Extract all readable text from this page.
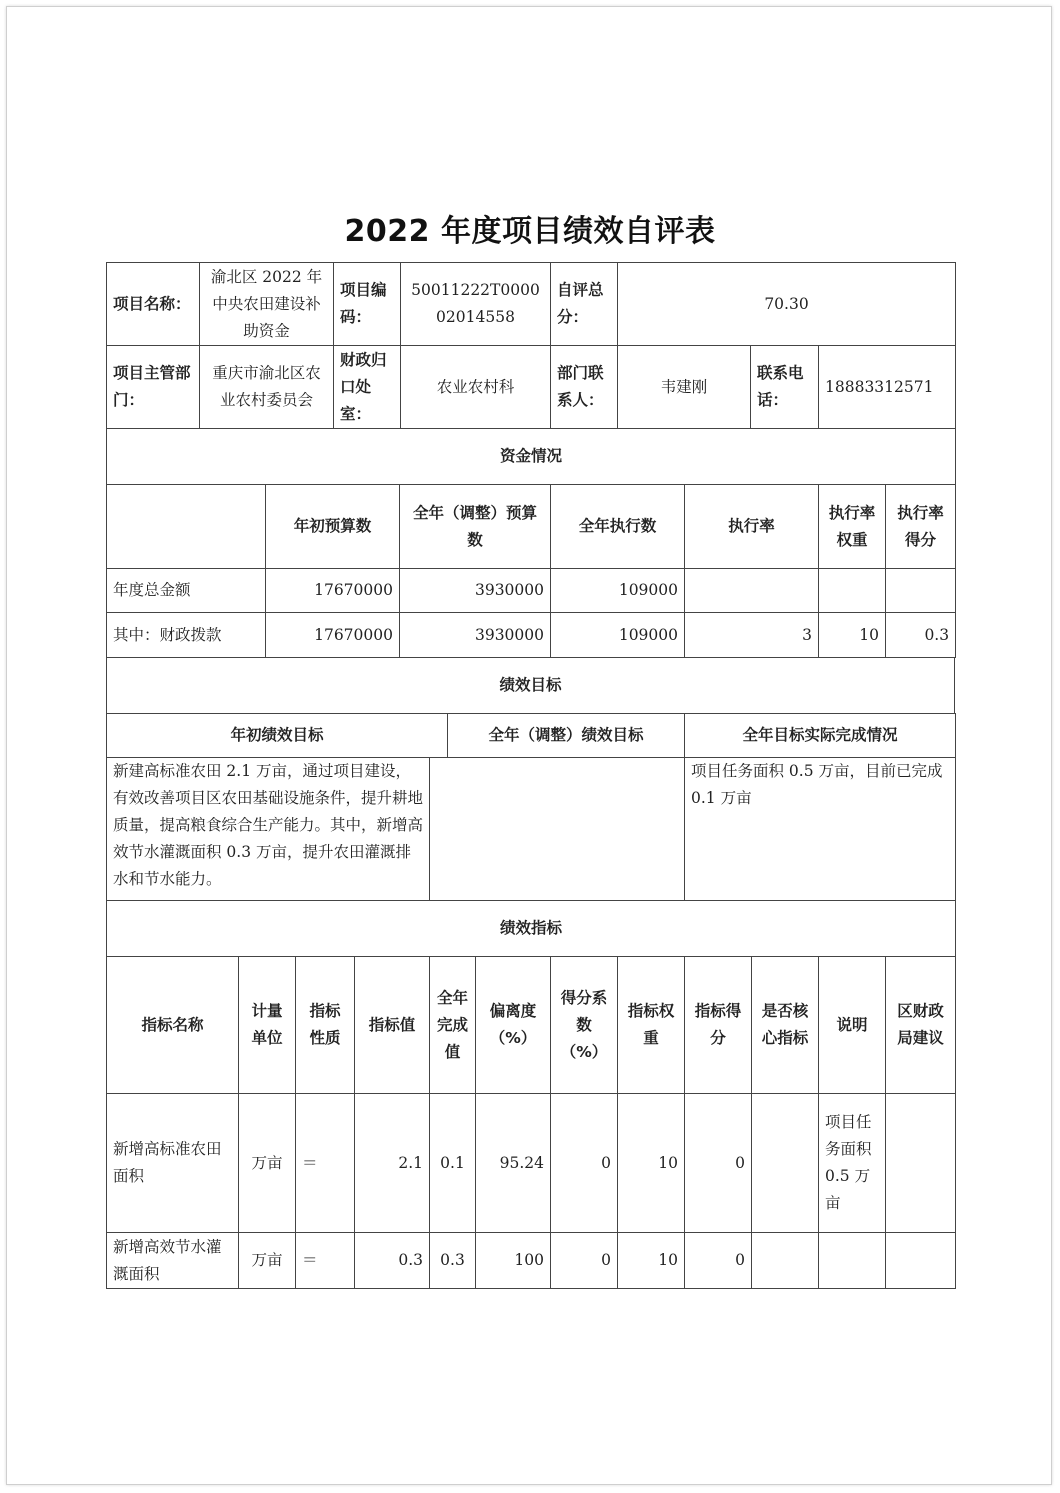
2022 年度项目绩效自评表
项目名称：	渝北区 2022 年中央农田建设补助资金	项目编码：	50011222T000002014558	自评总分：	70.30		
项目主管部门：	重庆市渝北区农业农村委员会	财政归口处室：	农业农村科	部门联系人：	韦建刚	联系电话：	18883312571
资金情况						
	年初预算数	全年（调整）预算数	全年执行数	执行率	执行率权重	执行率得分
年度总金额	17670000	3930000	109000			
其中：财政拨款	17670000	3930000	109000	3	10	0.3
绩效目标
年初绩效目标	全年（调整）绩效目标	全年目标实际完成情况
新建高标准农田 2.1 万亩，通过项目建设，有效改善项目区农田基础设施条件，提升耕地质量，提高粮食综合生产能力。其中，新增高效节水灌溉面积 0.3 万亩，提升农田灌溉排水和节水能力。		项目任务面积 0.5 万亩，目前已完成 0.1 万亩
绩效指标											
指标名称	计量单位	指标性质	指标值	全年完成值	偏离度（%）	得分系数（%）	指标权重	指标得分	是否核心指标	说明	区财政局建议
新增高标准农田面积	万亩	＝	2.1	0.1	95.24	0	10	0		项目任务面积 0.5 万亩	
新增高效节水灌溉面积	万亩	＝	0.3	0.3	100	0	10	0			
